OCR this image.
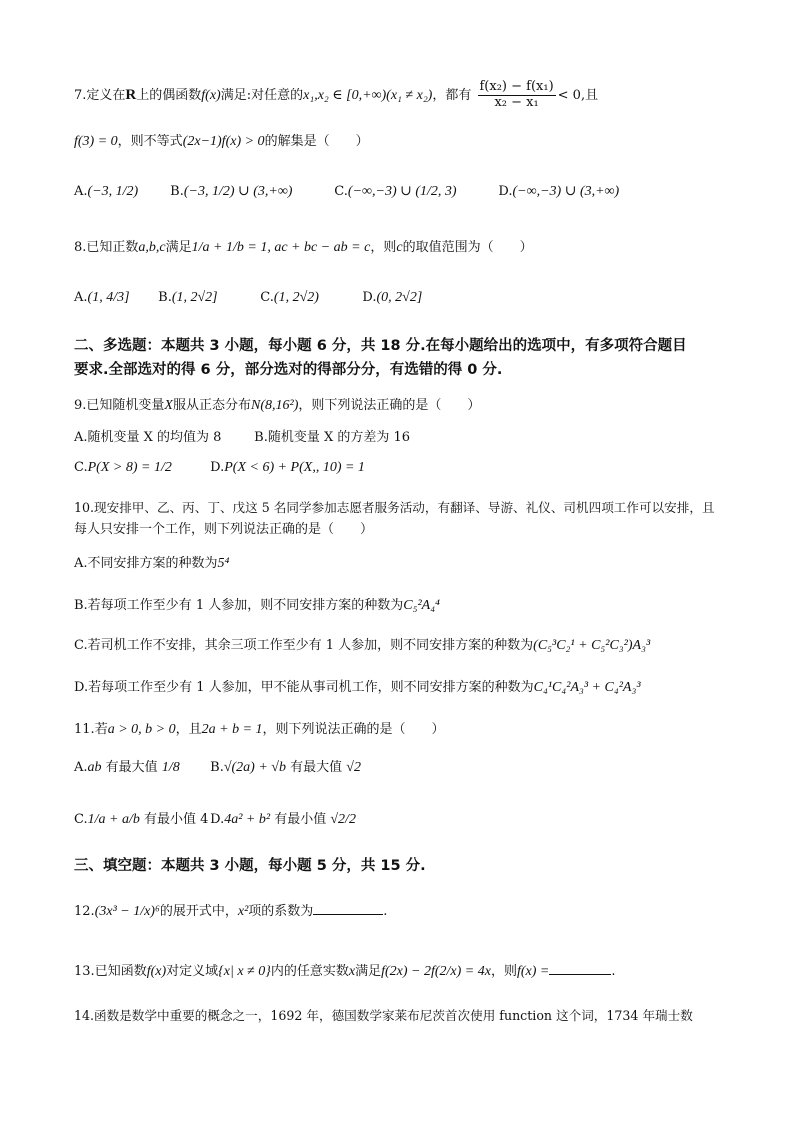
7.定义在R上的偶函数f(x)满足:对任意的x₁,x₂ ∈ [0,+∞)(x₁ ≠ x₂)，都有 $\frac{\text{f(x₂) − f(x₁)}}{\text{x₂ − x₁}} < 0$,且
f(3) = 0，则不等式(2x−1)f(x) > 0的解集是（　　）
A.(−3, 1/2) B.(−3, 1/2) ∪ (3,+∞)	C.(−∞,−3) ∪ (1/2, 3)	D.(−∞,−3) ∪ (3,+∞)
8.已知正数a,b,c满足1/a + 1/b = 1, ac + bc − ab = c，则c的取值范围为（　　）
A.(1, 4/3] B.(1, 2√2]	C.(1, 2√2)	D.(0, 2√2]
二、多选题：本题共 3 小题，每小题 6 分，共 18 分.在每小题给出的选项中，有多项符合题目
要求.全部选对的得 6 分，部分选对的得部分分，有选错的得 0 分.
9.已知随机变量X服从正态分布N(8,16²)，则下列说法正确的是（　　）
A.随机变量 X 的均值为 8	B.随机变量 X 的方差为 16
C.P(X > 8) = 1/2	D.P(X < 6) + P(X,, 10) = 1
10.现安排甲、乙、丙、丁、戊这 5 名同学参加志愿者服务活动，有翻译、导游、礼仪、司机四项工作可以安排，且
每人只安排一个工作，则下列说法正确的是（　　）
A.不同安排方案的种数为5⁴
B.若每项工作至少有 1 人参加，则不同安排方案的种数为C₅²A₄⁴
C.若司机工作不安排，其余三项工作至少有 1 人参加，则不同安排方案的种数为(C₅³C₂¹ + C₅²C₃²)A₃³
D.若每项工作至少有 1 人参加，甲不能从事司机工作，则不同安排方案的种数为C₄¹C₄²A₃³ + C₄²A₃³
11.若a > 0, b > 0，且2a + b = 1，则下列说法正确的是（　　）
A.ab 有最大值 1/8 B.√(2a) + √b 有最大值 √2
C.1/a + a/b 有最小值 4 D.4a² + b² 有最小值 √2/2
三、填空题：本题共 3 小题，每小题 5 分，共 15 分.
12.(3x³ − 1/x)⁶的展开式中，x²项的系数为	.
13.已知函数f(x)对定义域{x| x ≠ 0}内的任意实数x满足f(2x) − 2f(2/x) = 4x，则f(x) =	.
14.函数是数学中重要的概念之一，1692 年，德国数学家莱布尼茨首次使用 function 这个词，1734 年瑞士数
